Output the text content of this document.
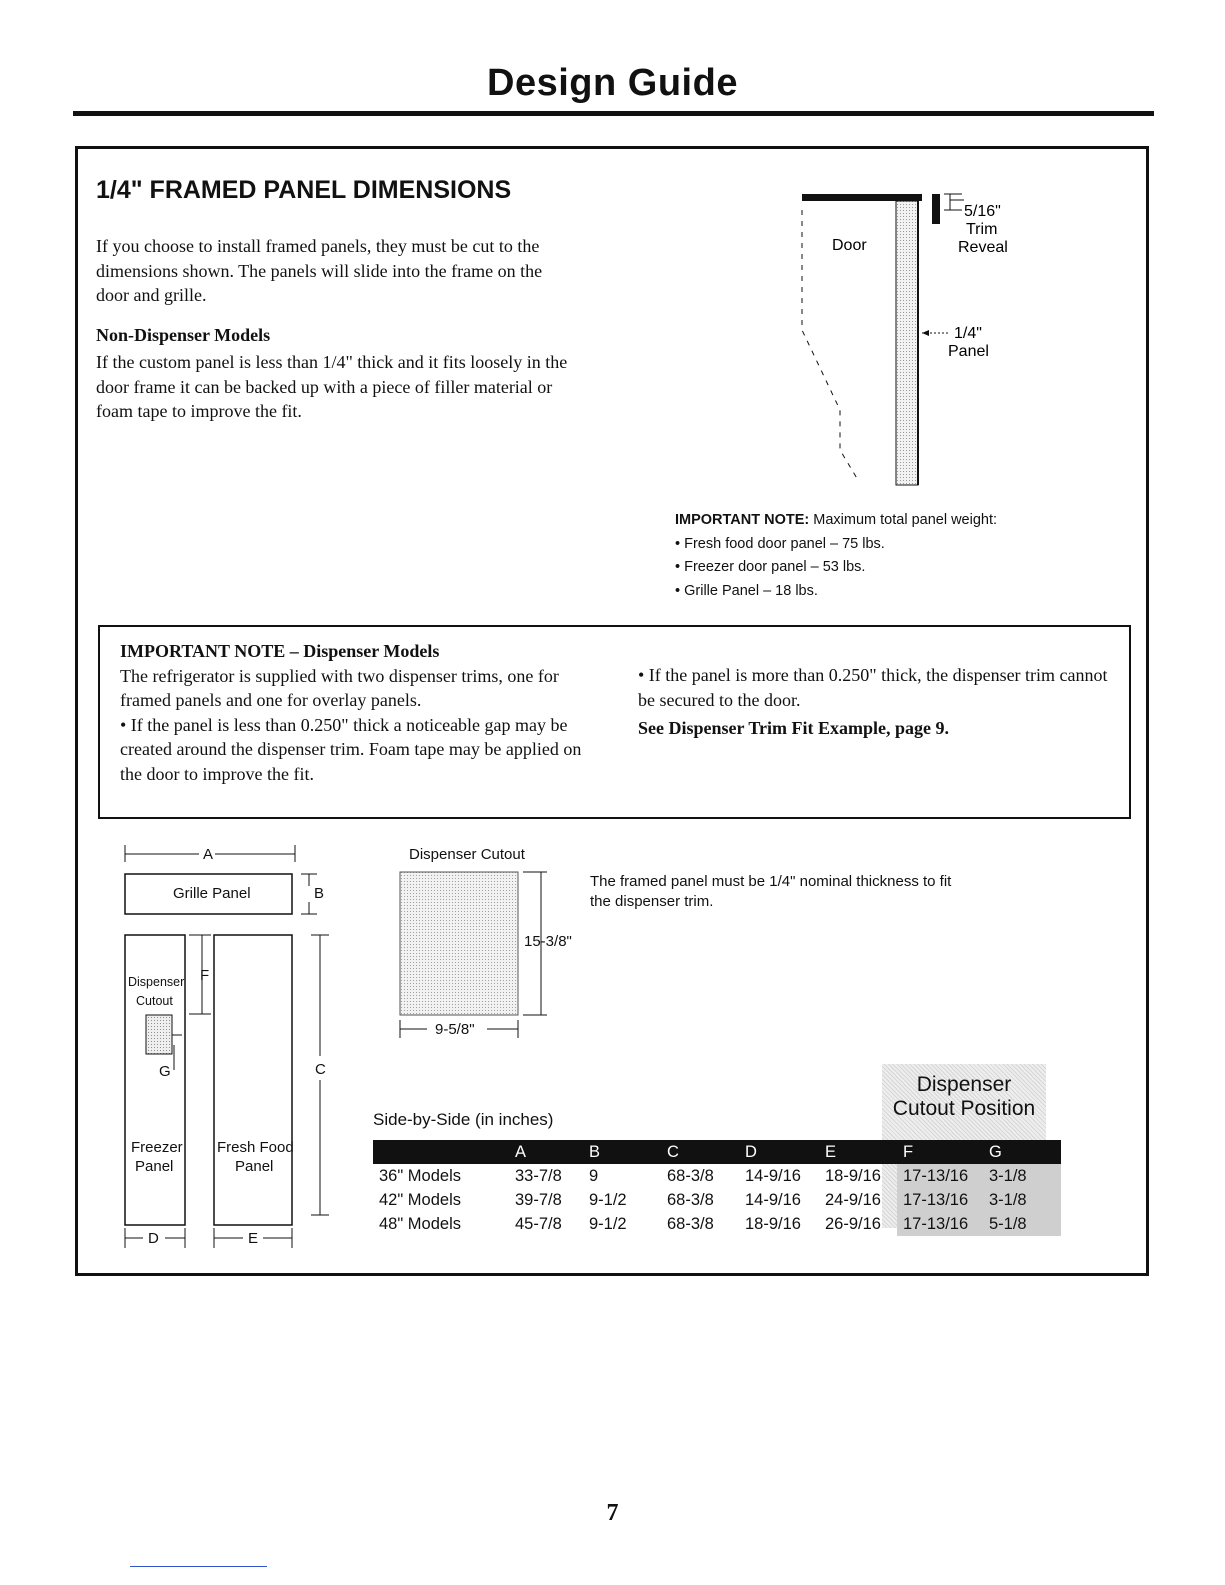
Design Guide
1/4" FRAMED PANEL DIMENSIONS
If you choose to install framed panels, they must be cut to the dimensions shown. The panels will slide into the frame on the door and grille.
Non-Dispenser Models
If the custom panel is less than 1/4" thick and it fits loosely in the door frame it can be backed up with a piece of filler material or foam tape to improve the fit.
Door
5/16"
Trim
Reveal
1/4"
Panel
IMPORTANT NOTE: Maximum total panel weight:
• Fresh food door panel – 75 lbs.
• Freezer door panel – 53 lbs.
• Grille Panel – 18 lbs.
IMPORTANT NOTE – Dispenser Models
The refrigerator is supplied with two dispenser trims, one for framed panels and one for overlay panels.
• If the panel is less than 0.250" thick a noticeable gap may be created around the dispenser trim. Foam tape may be applied on the door to improve the fit.
• If the panel is more than 0.250" thick, the dispenser trim cannot be secured to the door.
See Dispenser Trim Fit Example, page 9.
A
Grille Panel	B
Dispenser
Cutout
Freezer
Panel
F
G
Fresh Food
Panel
C
D	E
Dispenser Cutout
15-3/8"
9-5/8"
The framed panel must be 1/4" nominal thickness to fit the dispenser trim.
Dispenser
Cutout Position
Side-by-Side (in inches)
	A	B	C	D	E	F	G
36" Models	33-7/8	9	68-3/8	14-9/16	18-9/16	17-13/16	3-1/8
42" Models	39-7/8	9-1/2	68-3/8	14-9/16	24-9/16	17-13/16	3-1/8
48" Models	45-7/8	9-1/2	68-3/8	18-9/16	26-9/16	17-13/16	5-1/8
7
